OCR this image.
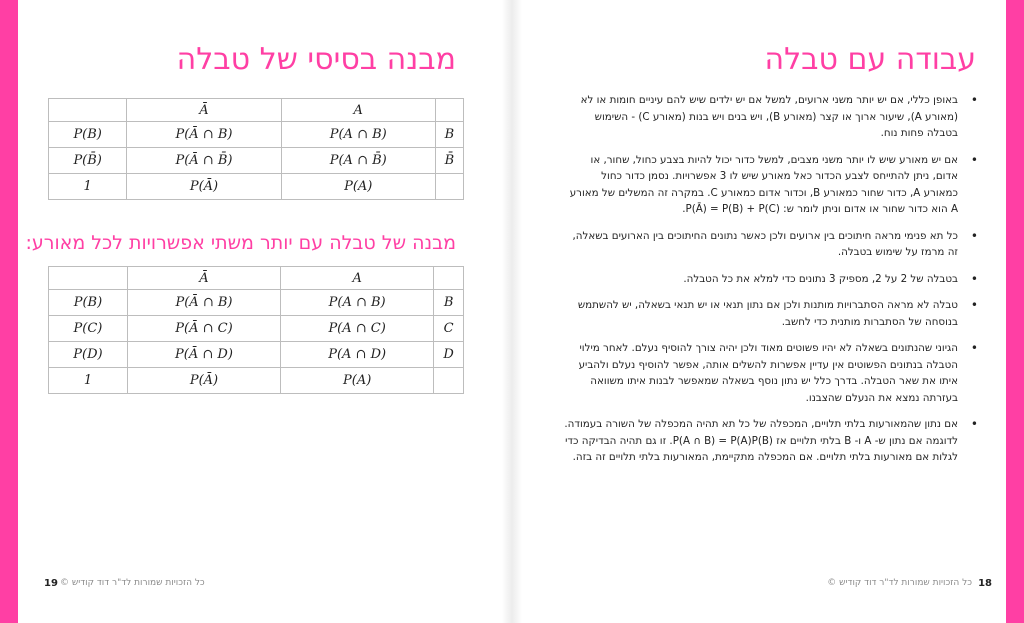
מבנה בסיסי של טבלה
	Ā	A	
P(B)	P(Ā ∩ B)	P(A ∩ B)	B
P(B̄)	P(Ā ∩ B̄)	P(A ∩ B̄)	B̄
1	P(Ā)	P(A)	
מבנה של טבלה עם יותר משתי אפשרויות לכל מאורע:
	Ā	A	
P(B)	P(Ā ∩ B)	P(A ∩ B)	B
P(C)	P(Ā ∩ C)	P(A ∩ C)	C
P(D)	P(Ā ∩ D)	P(A ∩ D)	D
1	P(Ā)	P(A)	
19 © כל הזכויות שמורות לד"ר דוד קודיש
עבודה עם טבלה
•
באופן כללי, אם יש יותר משני ארועים, למשל אם יש ילדים שיש להם עיניים חומות או לא (מאורע A), שיעור ארוך או קצר (מאורע B), ויש בנים ויש בנות (מאורע C) - השימוש בטבלה פחות נוח.
•
אם יש מאורע שיש לו יותר משני מצבים, למשל כדור יכול להיות בצבע כחול, שחור, או אדום, ניתן להתייחס לצבע הכדור כאל מאורע שיש לו 3 אפשרויות. נסמן כדור כחול כמאורע A, כדור שחור כמאורע B, וכדור אדום כמאורע C. במקרה זה המשלים של מאורע A הוא כדור שחור או אדום וניתן לומר ש: P(Ā) = P(B) + P(C).
•
כל תא פנימי מראה חיתוכים בין ארועים ולכן כאשר נתונים החיתוכים בין הארועים בשאלה, זה מרמז על שימוש בטבלה.
•
בטבלה של 2 על 2, מספיק 3 נתונים כדי למלא את כל הטבלה.
•
טבלה לא מראה הסתברויות מותנות ולכן אם נתון תנאי או יש תנאי בשאלה, יש להשתמש בנוסחה של הסתברות מותנית כדי לחשב.
•
הגיוני שהנתונים בשאלה לא יהיו פשוטים מאוד ולכן יהיה צורך להוסיף נעלם. לאחר מילוי הטבלה בנתונים הפשוטים אין עדיין אפשרות להשלים אותה, אפשר להוסיף נעלם ולהביע איתו את שאר הטבלה. בדרך כלל יש נתון נוסף בשאלה שמאפשר לבנות איתו משוואה בעזרתה נמצא את הנעלם שהצבנו.
•
אם נתון שהמאורעות בלתי תלויים, המכפלה של כל תא תהיה המכפלה של השורה בעמודה. לדוגמה אם נתון ש- A ו- B בלתי תלויים אז P(A ∩ B) = P(A)P(B). זו גם תהיה הבדיקה כדי לגלות אם מאורעות בלתי תלויים. אם המכפלה מתקיימת, המאורעות בלתי תלויים זה בזה.
18
© כל הזכויות שמורות לד"ר דוד קודיש
